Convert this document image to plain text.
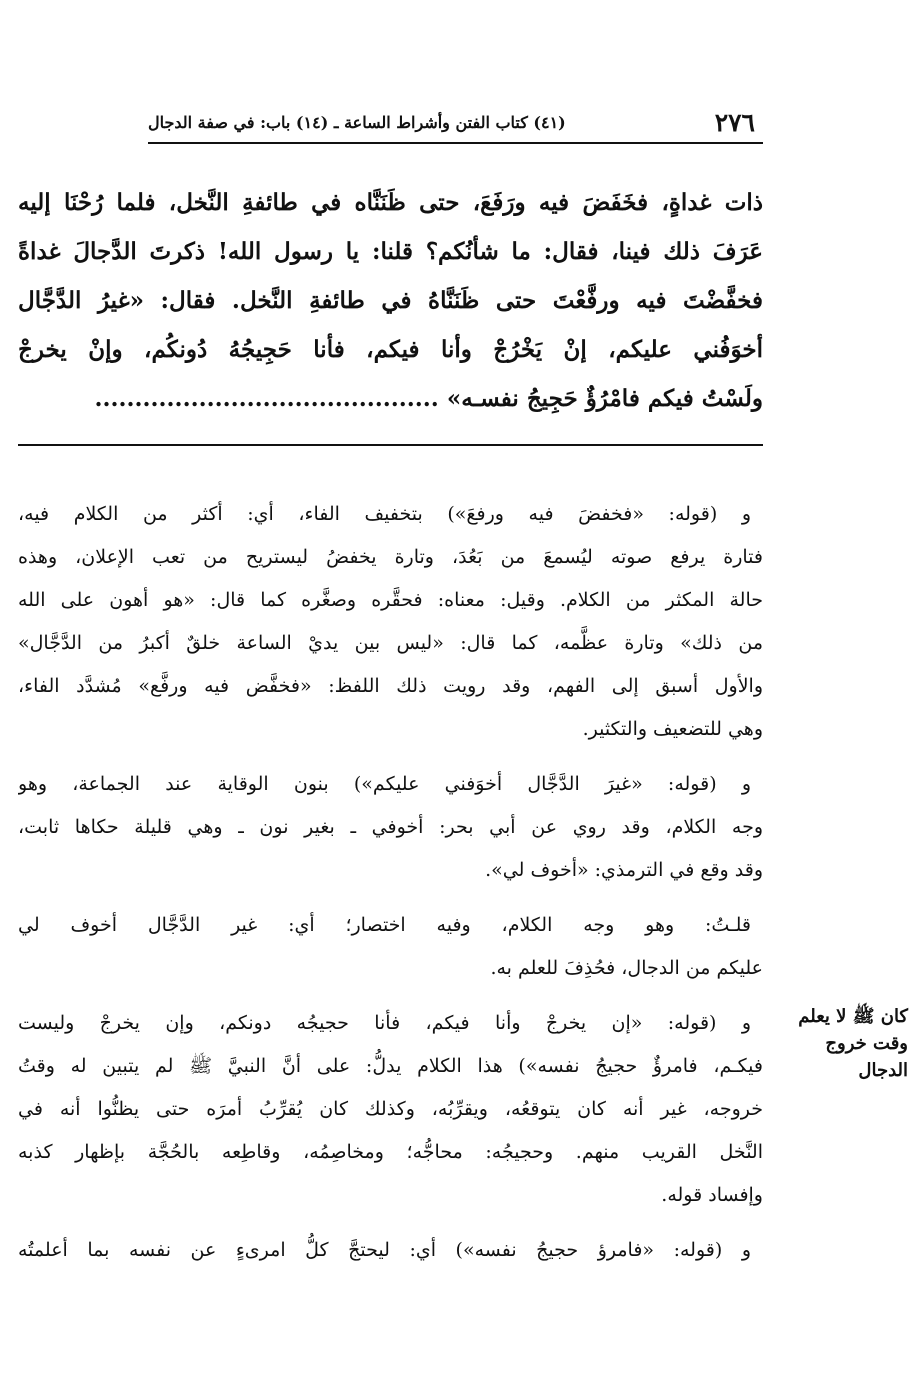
٢٧٦
(٤١) كتاب الفتن وأشراط الساعة ـ (١٤) باب: في صفة الدجال
ذات غداةٍ، فخَفَضَ فيه ورَفَعَ، حتى ظَنَنَّاه في طائفةِ النَّخل، فلما رُحْنَا إليه
عَرَفَ ذلك فينا، فقال: ما شأنُكم؟ قلنا: يا رسول الله! ذكرتَ الدَّجالَ غداةً
فخفَّضْتَ فيه ورفَّعْتَ حتى ظَنَنَّاهُ في طائفةِ النَّخل. فقال: «غيرُ الدَّجَّال
أخوَفُني عليكم، إنْ يَخْرُجْ وأنا فيكم، فأنا حَجِيجُهُ دُونكُم، وإنْ يخرجْ
ولَسْتُ فيكم فامْرُؤٌ حَجِيجُ نفسـه» ...........................................
و (قوله: «فخفضَ فيه ورفعَ») بتخفيف الفاء، أي: أكثر من الكلام فيه،
فتارة يرفع صوته ليُسمعَ من بَعُدَ، وتارة يخفضُ ليستريح من تعب الإعلان، وهذه
حالة المكثر من الكلام. وقيل: معناه: فحقَّره وصغَّره كما قال: «هو أهون على الله
من ذلك» وتارة عظَّمه، كما قال: «ليس بين يديْ الساعة خلقٌ أكبرُ من الدَّجَّال»
والأول أسبق إلى الفهم، وقد رويت ذلك اللفظ: «فخفَّض فيه ورفَّع» مُشدَّد الفاء،
وهي للتضعيف والتكثير.
و (قوله: «غيرَ الدَّجَّال أخوَفني عليكم») بنون الوقاية عند الجماعة، وهو
وجه الكلام، وقد روي عن أبي بحر: أخوفي ـ بغير نون ـ وهي قليلة حكاها ثابت،
وقد وقع في الترمذي: «أخوف لي».
قلـتُ: وهو وجه الكلام، وفيه اختصار؛ أي: غير الدَّجَّال أخوف لي
عليكم من الدجال، فحُذِفَ للعلم به.
و (قوله: «إن يخرجْ وأنا فيكم، فأنا حجيجُه دونكم، وإن يخرجْ وليست
فيكـم، فامرؤٌ حجيجُ نفسه») هذا الكلام يدلُّ: على أنَّ النبيَّ ﷺ لم يتبين له وقتُ
خروجه، غير أنه كان يتوقعُه، ويقرِّبُه، وكذلك كان يُقرِّبُ أمرَه حتى يظنُّوا أنه في
النَّخل القريب منهم. وحجيجُه: محاجُّه؛ ومخاصِمُه، وقاطِعه بالحُجَّة بإظهار كذبه
وإفساد قوله.
و (قوله: «فامرؤ حجيجُ نفسه») أي: ليحتجَّ كلُّ امرىءٍ عن نفسه بما أعلمتُه
كان ﷺ لا يعلم
وقت خروج
الدجال
